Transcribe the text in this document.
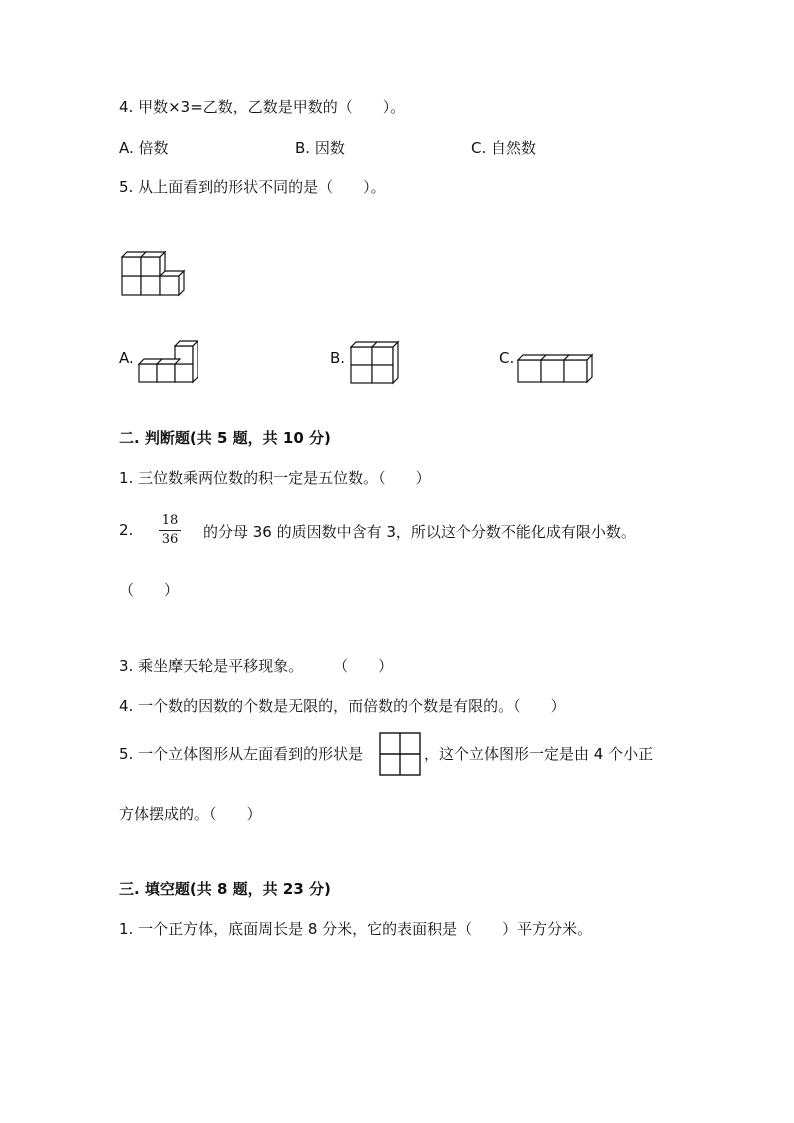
4. 甲数×3=乙数，乙数是甲数的（　　）。
A. 倍数	B. 因数	C. 自然数
5. 从上面看到的形状不同的是（　　）。
A.	B.	C.
二. 判断题(共 5 题，共 10 分)
1. 三位数乘两位数的积一定是五位数。（　　）
2.
18
36	的分母 36 的质因数中含有 3，所以这个分数不能化成有限小数。
（　　）
3. 乘坐摩天轮是平移现象。　　　（　　）
4. 一个数的因数的个数是无限的，而倍数的个数是有限的。（　　）
5. 一个立体图形从左面看到的形状是	，这个立体图形一定是由 4 个小正
方体摆成的。（　　）
三. 填空题(共 8 题，共 23 分)
1. 一个正方体，底面周长是 8 分米，它的表面积是（　　）平方分米。
